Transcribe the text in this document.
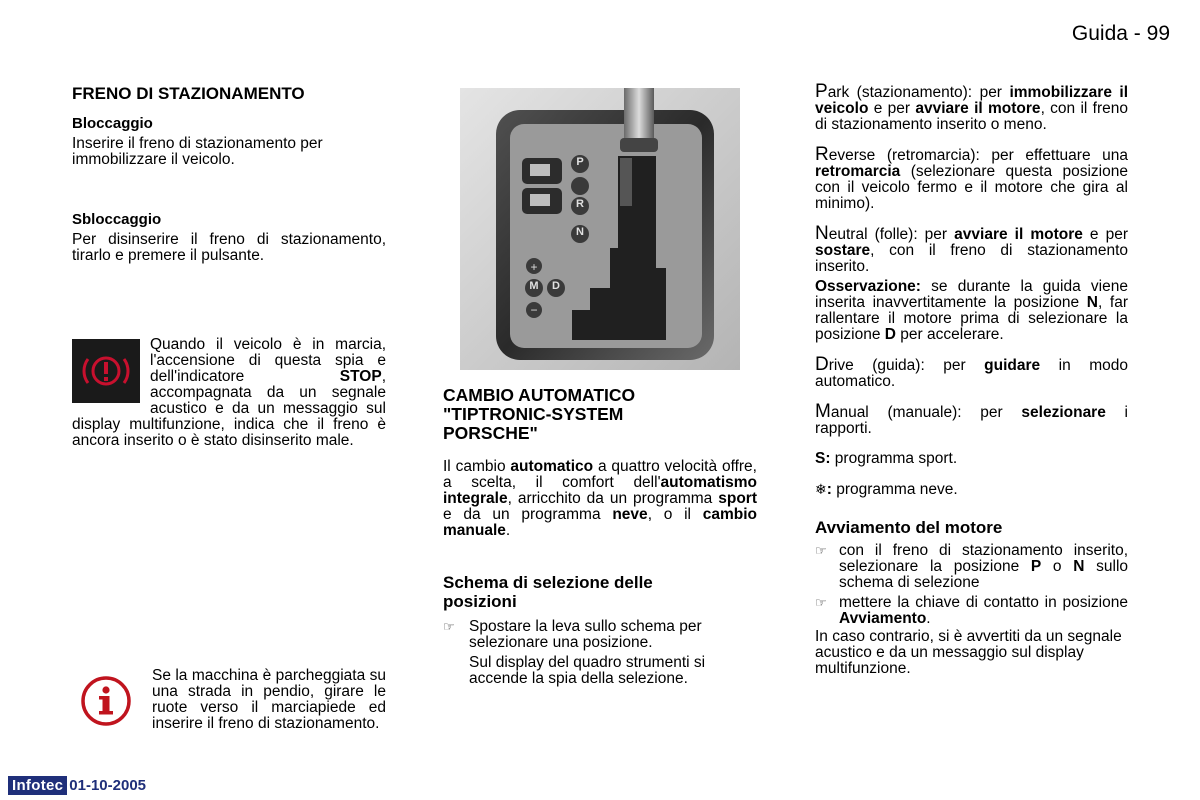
Guida - 99
FRENO DI STAZIONAMENTO
Bloccaggio

Inserire il freno di stazionamento per immobilizzare il veicolo.

Sbloccaggio

Per disinserire il freno di stazionamento, tirarlo e premere il pulsante.

Quando il veicolo è in marcia, l'accensione di questa spia e dell'indicatore STOP, accompagnata da un segnale acustico e da un messaggio sul display multifunzione, indica che il freno è ancora inserito o è stato disinserito male.
Se la macchina è parcheggiata su una strada in pendio, girare le ruote verso il marciapiede ed inserire il freno di stazionamento.
+
−
P
R
N
D
M
CAMBIO AUTOMATICO "TIPTRONIC-SYSTEM PORSCHE"

Il cambio automatico a quattro velocità offre, a scelta, il comfort dell'automatismo integrale, arricchito da un programma sport e da un programma neve, o il cambio manuale.

Schema di selezione delle posizioni
☞ Spostare la leva sullo schema per selezionare una posizione.

Sul display del quadro strumenti si accende la spia della selezione.

Park (stazionamento): per immobilizzare il veicolo e per avviare il motore, con il freno di stazionamento inserito o meno.

Reverse (retromarcia): per effettuare una retromarcia (selezionare questa posizione con il veicolo fermo e il motore che gira al minimo).

Neutral (folle): per avviare il motore e per sostare, con il freno di stazionamento inserito.

Osservazione: se durante la guida viene inserita inavvertitamente la posizione N, far rallentare il motore prima di selezionare la posizione D per accelerare.

Drive (guida): per guidare in modo automatico.

Manual (manuale): per selezionare i rapporti.

S: programma sport.

❄: programma neve.

Avviamento del motore
☞ con il freno di stazionamento inserito, selezionare la posizione P o N sullo schema di selezione

☞ mettere la chiave di contatto in posizione Avviamento.

In caso contrario, si è avvertiti da un segnale acustico e da un messaggio sul display multifunzione.

Infotec 01-10-2005
